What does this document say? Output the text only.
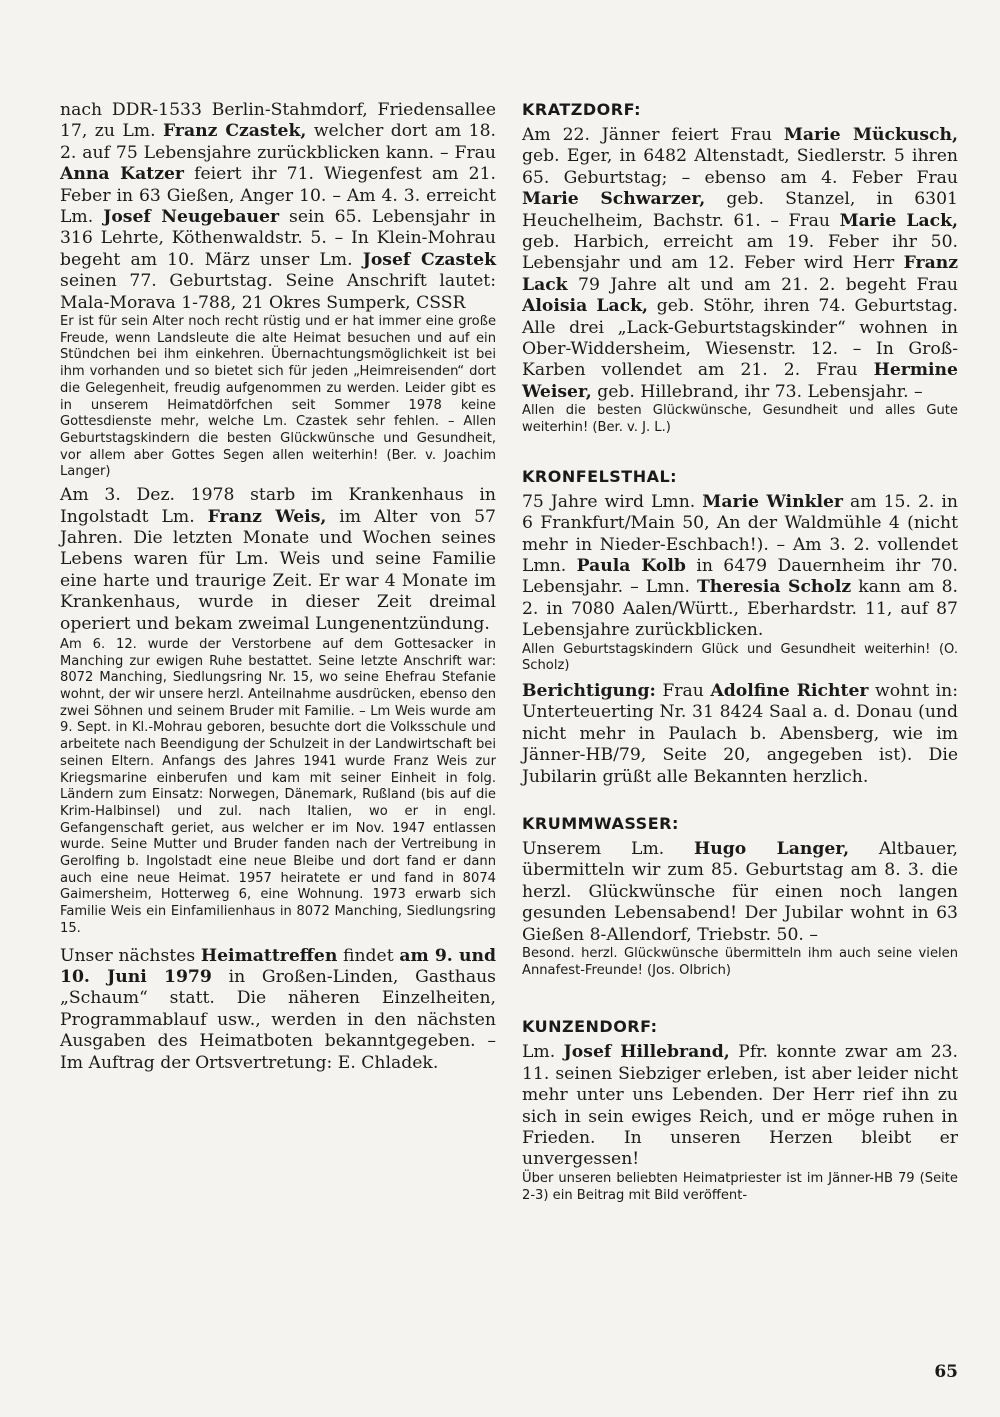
nach DDR-1533 Berlin-Stahmdorf, Friedensallee 17, zu Lm. Franz Czastek, welcher dort am 18. 2. auf 75 Lebensjahre zurückblicken kann. – Frau Anna Katzer feiert ihr 71. Wiegenfest am 21. Feber in 63 Gießen, Anger 10. – Am 4. 3. erreicht Lm. Josef Neugebauer sein 65. Lebensjahr in 316 Lehrte, Köthenwaldstr. 5. – In Klein-Mohrau begeht am 10. März unser Lm. Josef Czastek seinen 77. Geburtstag. Seine Anschrift lautet: Mala-Morava 1-788, 21 Okres Sumperk, CSSR

Er ist für sein Alter noch recht rüstig und er hat immer eine große Freude, wenn Landsleute die alte Heimat besuchen und auf ein Stündchen bei ihm einkehren. Übernachtungsmöglichkeit ist bei ihm vorhanden und so bietet sich für jeden „Heimreisenden“ dort die Gelegenheit, freudig aufgenommen zu werden. Leider gibt es in unserem Heimatdörfchen seit Sommer 1978 keine Gottesdienste mehr, welche Lm. Czastek sehr fehlen. – Allen Geburtstagskindern die besten Glückwünsche und Gesundheit, vor allem aber Gottes Segen allen weiterhin! (Ber. v. Joachim Langer)

Am 3. Dez. 1978 starb im Krankenhaus in Ingolstadt Lm. Franz Weis, im Alter von 57 Jahren. Die letzten Monate und Wochen seines Lebens waren für Lm. Weis und seine Familie eine harte und traurige Zeit. Er war 4 Monate im Krankenhaus, wurde in dieser Zeit dreimal operiert und bekam zweimal Lungenentzündung.

Am 6. 12. wurde der Verstorbene auf dem Gottesacker in Manching zur ewigen Ruhe bestattet. Seine letzte Anschrift war: 8072 Manching, Siedlungsring Nr. 15, wo seine Ehefrau Stefanie wohnt, der wir unsere herzl. Anteilnahme ausdrücken, ebenso den zwei Söhnen und seinem Bruder mit Familie. – Lm Weis wurde am 9. Sept. in Kl.-Mohrau geboren, besuchte dort die Volksschule und arbeitete nach Beendigung der Schulzeit in der Landwirtschaft bei seinen Eltern. Anfangs des Jahres 1941 wurde Franz Weis zur Kriegsmarine einberufen und kam mit seiner Einheit in folg. Ländern zum Einsatz: Norwegen, Dänemark, Rußland (bis auf die Krim-Halbinsel) und zul. nach Italien, wo er in engl. Gefangenschaft geriet, aus welcher er im Nov. 1947 entlassen wurde. Seine Mutter und Bruder fanden nach der Vertreibung in Gerolfing b. Ingolstadt eine neue Bleibe und dort fand er dann auch eine neue Heimat. 1957 heiratete er und fand in 8074 Gaimersheim, Hotterweg 6, eine Wohnung. 1973 erwarb sich Familie Weis ein Einfamilienhaus in 8072 Manching, Siedlungsring 15.

Unser nächstes Heimattreffen findet am 9. und 10. Juni 1979 in Großen-Linden, Gasthaus „Schaum“ statt. Die näheren Einzelheiten, Programmablauf usw., werden in den nächsten Ausgaben des Heimatboten bekanntgegeben. – Im Auftrag der Ortsvertretung: E. Chladek.

KRATZDORF:

Am 22. Jänner feiert Frau Marie Mückusch, geb. Eger, in 6482 Altenstadt, Siedlerstr. 5 ihren 65. Geburtstag; – ebenso am 4. Feber Frau Marie Schwarzer, geb. Stanzel, in 6301 Heuchelheim, Bachstr. 61. – Frau Marie Lack, geb. Harbich, erreicht am 19. Feber ihr 50. Lebensjahr und am 12. Feber wird Herr Franz Lack 79 Jahre alt und am 21. 2. begeht Frau Aloisia Lack, geb. Stöhr, ihren 74. Geburtstag. Alle drei „Lack-Geburtstagskinder“ wohnen in Ober-Widdersheim, Wiesenstr. 12. – In Groß-Karben vollendet am 21. 2. Frau Hermine Weiser, geb. Hillebrand, ihr 73. Lebensjahr. –

Allen die besten Glückwünsche, Gesundheit und alles Gute weiterhin! (Ber. v. J. L.)

KRONFELSTHAL:

75 Jahre wird Lmn. Marie Winkler am 15. 2. in 6 Frankfurt/Main 50, An der Waldmühle 4 (nicht mehr in Nieder-Eschbach!). – Am 3. 2. vollendet Lmn. Paula Kolb in 6479 Dauernheim ihr 70. Lebensjahr. – Lmn. Theresia Scholz kann am 8. 2. in 7080 Aalen/Württ., Eberhardstr. 11, auf 87 Lebensjahre zurückblicken.

Allen Geburtstagskindern Glück und Gesundheit weiterhin! (O. Scholz)

Berichtigung: Frau Adolfine Richter wohnt in: Unterteuerting Nr. 31 8424 Saal a. d. Donau (und nicht mehr in Paulach b. Abensberg, wie im Jänner-HB/79, Seite 20, angegeben ist). Die Jubilarin grüßt alle Bekannten herzlich.

KRUMMWASSER:

Unserem Lm. Hugo Langer, Altbauer, übermitteln wir zum 85. Geburtstag am 8. 3. die herzl. Glückwünsche für einen noch langen gesunden Lebensabend! Der Jubilar wohnt in 63 Gießen 8-Allendorf, Triebstr. 50. –

Besond. herzl. Glückwünsche übermitteln ihm auch seine vielen Annafest-Freunde! (Jos. Olbrich)

KUNZENDORF:

Lm. Josef Hillebrand, Pfr. konnte zwar am 23. 11. seinen Siebziger erleben, ist aber leider nicht mehr unter uns Lebenden. Der Herr rief ihn zu sich in sein ewiges Reich, und er möge ruhen in Frieden. In unseren Herzen bleibt er unvergessen!

Über unseren beliebten Heimatpriester ist im Jänner-HB 79 (Seite 2-3) ein Beitrag mit Bild veröffent-

65
